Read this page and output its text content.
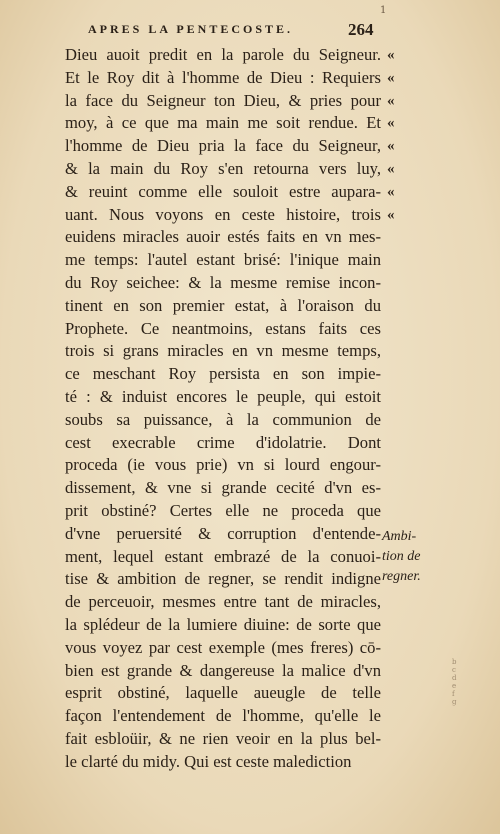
1
APRES LA PENTECOSTE.	264
Dieu auoit predit en la parole du Seigneur.
Et le Roy dit à l'homme de Dieu : Requiers
la face du Seigneur ton Dieu, & pries pour
moy, à ce que ma main me soit rendue. Et
l'homme de Dieu pria la face du Seigneur,
& la main du Roy s'en retourna vers luy,
& reuint comme elle souloit estre aupara-
uant. Nous voyons en ceste histoire, trois
euidens miracles auoir estés faits en vn mes-
me temps: l'autel estant brisé: l'inique main
du Roy seichee: & la mesme remise incon-
tinent en son premier estat, à l'oraison du
Prophete. Ce neantmoins, estans faits ces
trois si grans miracles en vn mesme temps,
ce meschant Roy persista en son impie-
té : & induist encores le peuple, qui estoit
soubs sa puissance, à la communion de
cest execrable crime d'idolatrie. Dont
proceda (ie vous prie) vn si lourd engour-
dissement, & vne si grande cecité d'vn es-
prit obstiné? Certes elle ne proceda que
d'vne peruersité & corruption d'entende-
ment, lequel estant embrazé de la conuoi-
tise & ambition de regner, se rendit indigne
de perceuoir, mesmes entre tant de miracles,
la splédeur de la lumiere diuine: de sorte que
vous voyez par cest exemple (mes freres) cō-
bien est grande & dangereuse la malice d'vn
esprit obstiné, laquelle aueugle de telle
façon l'entendement de l'homme, qu'elle le
fait esbloüir, & ne rien veoir en la plus bel-
le clarté du midy. Qui est ceste malediction
«
«
«
«
«
«
«
«
Ambi-
tion de
regner.
bcdefg
